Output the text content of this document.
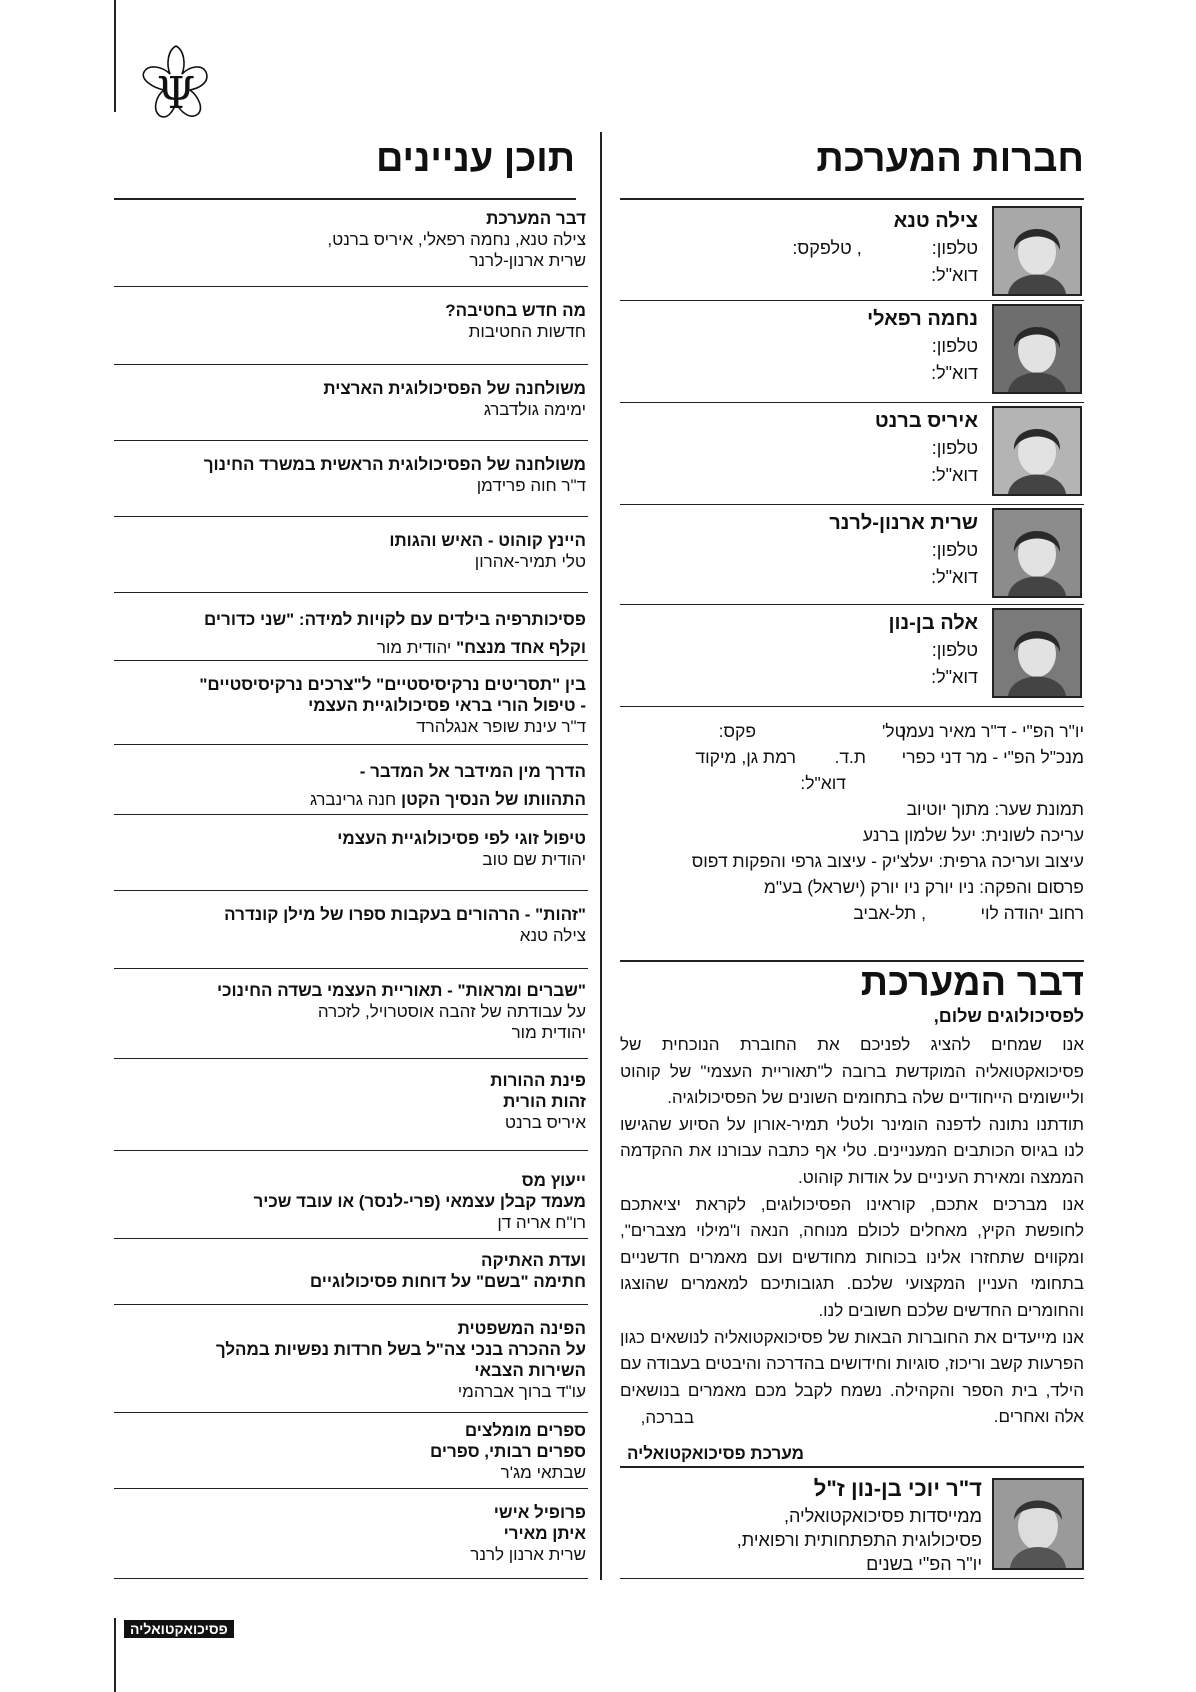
Ψ
תוכן עניינים
דבר המערכת
צילה טנא, נחמה רפאלי, איריס ברנט,
שרית ארנון-לרנר
מה חדש בחטיבה?
חדשות החטיבות
משולחנה של הפסיכולוגית הארצית
ימימה גולדברג
משולחנה של הפסיכולוגית הראשית במשרד החינוך
ד"ר חוה פרידמן
היינץ קוהוט - האיש והגותו
טלי תמיר-אהרון
פסיכותרפיה בילדים עם לקויות למידה: "שני כדורים
וקלף אחד מנצח" יהודית מור
בין "תסריטים נרקיסיסטיים" ל"צרכים נרקיסיסטיים"
- טיפול הורי בראי פסיכולוגיית העצמי
ד"ר עינת שופר אנגלהרד
הדרך מין המידבר אל המדבר -
התהוותו של הנסיך הקטן חנה גרינברג
טיפול זוגי לפי פסיכולוגיית העצמי
יהודית שם טוב
"זהות" - הרהורים בעקבות ספרו של מילן קונדרה
צילה טנא
"שברים ומראות" - תאוריית העצמי בשדה החינוכי
על עבודתה של זהבה אוסטרויל, לזכרה
יהודית מור
פינת ההורות
זהות הורית
איריס ברנט
ייעוץ מס
מעמד קבלן עצמאי (פרי-לנסר) או עובד שכיר
רו"ח אריה דן
ועדת האתיקה
חתימה "בשם" על דוחות פסיכולוגיים
הפינה המשפטית
על ההכרה בנכי צה"ל בשל חרדות נפשיות במהלך
השירות הצבאי
עו"ד ברוך אברהמי
ספרים מומלצים
ספרים רבותי, ספרים
שבתאי מג'ר
פרופיל אישי
איתן מאירי
שרית ארנון לרנר
חברות המערכת
צילה טנא
טלפון:, טלפקס:
דוא"ל:
נחמה רפאלי
טלפון:
דוא"ל:
איריס ברנט
טלפון:
דוא"ל:
שרית ארנון-לרנר
טלפון:
דוא"ל:
אלה בן-נון
טלפון:
דוא"ל:
יו"ר הפ"י - ד"ר מאיר נעמן
טל'
פקס:
מנכ"ל הפ"י - מר דני כפרי
ת.ד.
רמת גן, מיקוד
דוא"ל:
תמונת שער: מתוך יוטיוב
עריכה לשונית: יעל שלמון ברנע
עיצוב ועריכה גרפית: יעלצ'יק - עיצוב גרפי והפקות דפוס
פרסום והפקה: ניו יורק ניו יורק (ישראל) בע"מ
, תל-אביב	רחוב יהודה לוי
דבר המערכת
לפסיכולוגים שלום,
אנו שמחים להציג לפניכם את החוברת הנוכחית של פסיכואקטואליה המוקדשת ברובה ל"תאוריית העצמי" של קוהוט וליישומים הייחודיים שלה בתחומים השונים של הפסיכולוגיה.
תודתנו נתונה לדפנה הומינר ולטלי תמיר-אורון על הסיוע שהגישו לנו בגיוס הכותבים המעניינים. טלי אף כתבה עבורנו את ההקדמה הממצה ומאירת העיניים על אודות קוהוט.
אנו מברכים אתכם, קוראינו הפסיכולוגים, לקראת יציאתכם לחופשת הקיץ, מאחלים לכולם מנוחה, הנאה ו"מילוי מצברים", ומקווים שתחזרו אלינו בכוחות מחודשים ועם מאמרים חדשניים בתחומי העניין המקצועי שלכם. תגובותיכם למאמרים שהוצגו והחומרים החדשים שלכם חשובים לנו.
אנו מייעדים את החוברות הבאות של פסיכואקטואליה לנושאים כגון הפרעות קשב וריכוז, סוגיות וחידושים בהדרכה והיבטים בעבודה עם הילד, בית הספר והקהילה. נשמח לקבל מכם מאמרים בנושאים אלה ואחרים.
בברכה,
מערכת פסיכואקטואליה
ד"ר יוכי בן-נון ז"ל
ממייסדות פסיכואקטואליה,
פסיכולוגית התפתחותית ורפואית,
יו"ר הפ"י בשנים
פסיכואקטואליה
